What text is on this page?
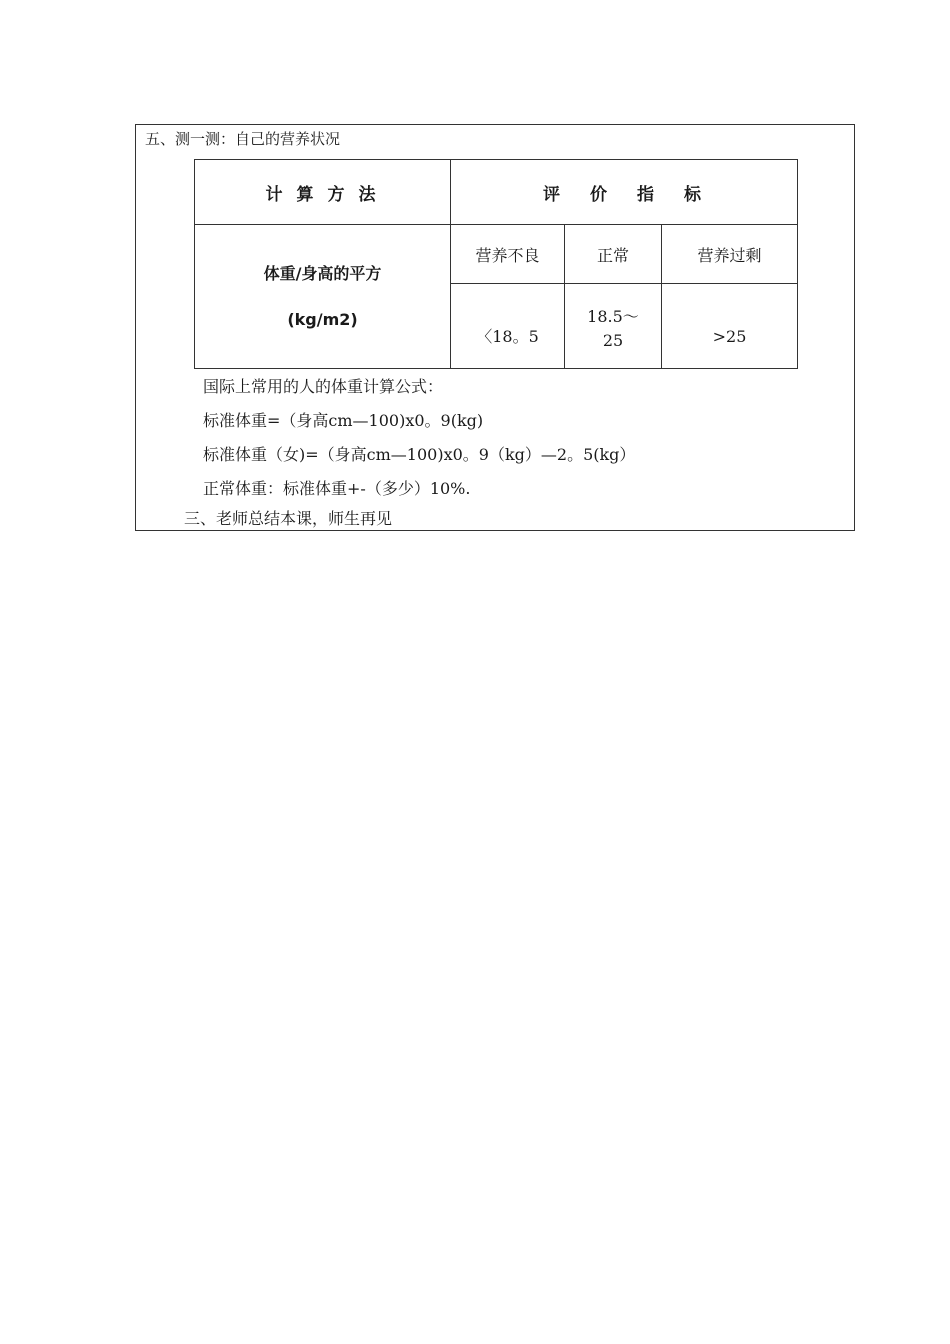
五、测一测：自己的营养状况
计算方法	评价指标		

体重/身高的平方
(kg/m2)	营养不良	正常	营养过剩
	〈18。5	18.5～25	>25
国际上常用的人的体重计算公式：
标准体重=（身高cm—100)x0。9(kg)
标准体重（女)=（身高cm—100)x0。9（kg）—2。5(kg）
正常体重：标准体重+-（多少）10%.
三、老师总结本课，师生再见
